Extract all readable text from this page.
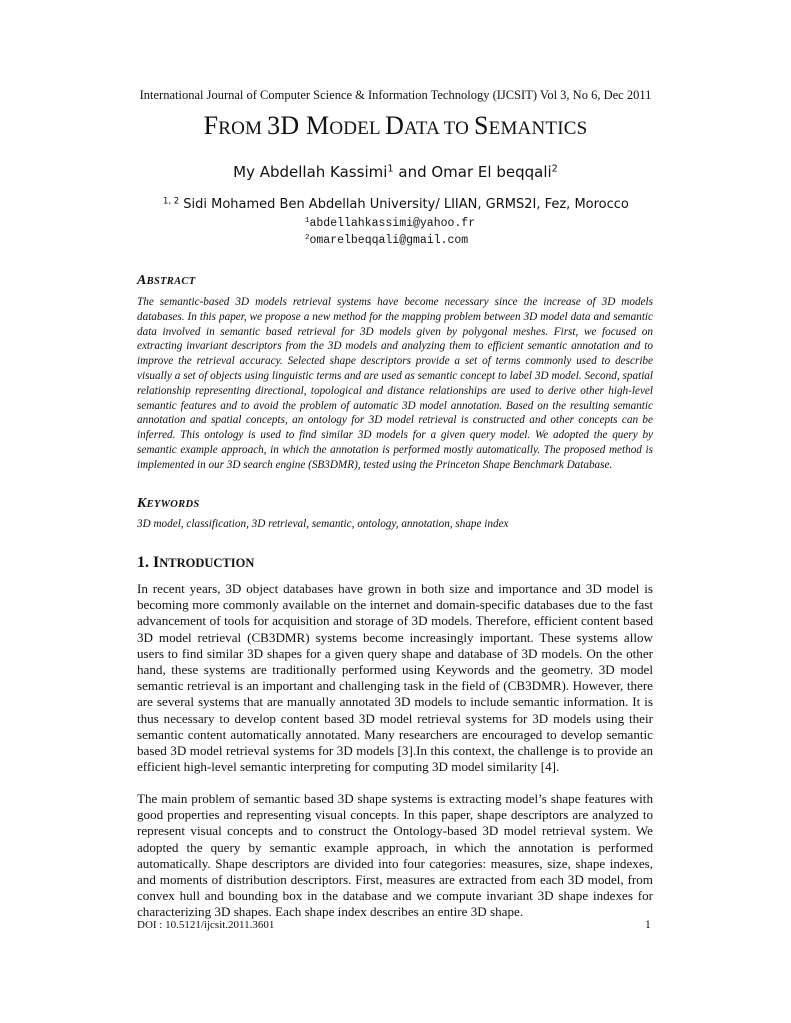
International Journal of Computer Science & Information Technology (IJCSIT) Vol 3, No 6, Dec 2011
FROM 3D MODEL DATA TO SEMANTICS
My Abdellah Kassimi$^1$ and Omar El beqqali$^2$
$^{1, 2}$ Sidi Mohamed Ben Abdellah University/ LIIAN, GRMS2I, Fez, Morocco
$^1$abdellahkassimi@yahoo.fr
$^2$omarelbeqqali@gmail.com
ABSTRACT
The semantic-based 3D models retrieval systems have become necessary since the increase of 3D models databases. In this paper, we propose a new method for the mapping problem between 3D model data and semantic data involved in semantic based retrieval for 3D models given by polygonal meshes. First, we focused on extracting invariant descriptors from the 3D models and analyzing them to efficient semantic annotation and to improve the retrieval accuracy. Selected shape descriptors provide a set of terms commonly used to describe visually a set of objects using linguistic terms and are used as semantic concept to label 3D model. Second, spatial relationship representing directional, topological and distance relationships are used to derive other high-level semantic features and to avoid the problem of automatic 3D model annotation. Based on the resulting semantic annotation and spatial concepts, an ontology for 3D model retrieval is constructed and other concepts can be inferred. This ontology is used to find similar 3D models for a given query model. We adopted the query by semantic example approach, in which the annotation is performed mostly automatically. The proposed method is implemented in our 3D search engine (SB3DMR), tested using the Princeton Shape Benchmark Database.
KEYWORDS
3D model, classification, 3D retrieval, semantic, ontology, annotation, shape index
1. INTRODUCTION
In recent years, 3D object databases have grown in both size and importance and 3D model is becoming more commonly available on the internet and domain-specific databases due to the fast advancement of tools for acquisition and storage of 3D models. Therefore, efficient content based 3D model retrieval (CB3DMR) systems become increasingly important. These systems allow users to find similar 3D shapes for a given query shape and database of 3D models. On the other hand, these systems are traditionally performed using Keywords and the geometry. 3D model semantic retrieval is an important and challenging task in the field of (CB3DMR). However, there are several systems that are manually annotated 3D models to include semantic information. It is thus necessary to develop content based 3D model retrieval systems for 3D models using their semantic content automatically annotated. Many researchers are encouraged to develop semantic based 3D model retrieval systems for 3D models [3].In this context, the challenge is to provide an efficient high-level semantic interpreting for computing 3D model similarity [4].
The main problem of semantic based 3D shape systems is extracting model’s shape features with good properties and representing visual concepts. In this paper, shape descriptors are analyzed to represent visual concepts and to construct the Ontology-based 3D model retrieval system. We adopted the query by semantic example approach, in which the annotation is performed automatically. Shape descriptors are divided into four categories: measures, size, shape indexes, and moments of distribution descriptors. First, measures are extracted from each 3D model, from convex hull and bounding box in the database and we compute invariant 3D shape indexes for characterizing 3D shapes. Each shape index describes an entire 3D shape.
DOI : 10.5121/ijcsit.2011.3601	1
